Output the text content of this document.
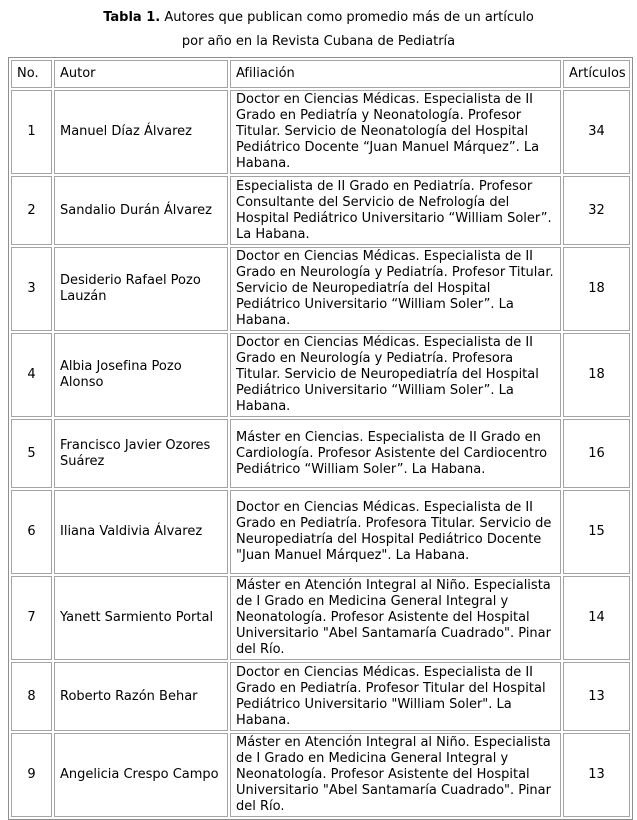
Tabla 1. Autores que publican como promedio más de un artículo
por año en la Revista Cubana de Pediatría
No.	Autor	Afiliación	Artículos
1	Manuel Díaz Álvarez	Doctor en Ciencias Médicas. Especialista de II Grado en Pediatría y Neonatología. Profesor Titular. Servicio de Neonatología del Hospital Pediátrico Docente “Juan Manuel Márquez”. La Habana.	34
2	Sandalio Durán Álvarez	Especialista de II Grado en Pediatría. Profesor Consultante del Servicio de Nefrología del Hospital Pediátrico Universitario “William Soler”. La Habana.	32
3	Desiderio Rafael Pozo Lauzán	Doctor en Ciencias Médicas. Especialista de II Grado en Neurología y Pediatría. Profesor Titular. Servicio de Neuropediatría del Hospital Pediátrico Universitario “William Soler”. La Habana.	18
4	Albia Josefina Pozo Alonso	Doctor en Ciencias Médicas. Especialista de II Grado en Neurología y Pediatría. Profesora Titular. Servicio de Neuropediatría del Hospital Pediátrico Universitario “William Soler”. La Habana.	18
5	Francisco Javier Ozores Suárez	Máster en Ciencias. Especialista de II Grado en Cardiología. Profesor Asistente del Cardiocentro Pediátrico “William Soler”. La Habana.	16
6	Iliana Valdivia Álvarez	Doctor en Ciencias Médicas. Especialista de II Grado en Pediatría. Profesora Titular. Servicio de Neuropediatría del Hospital Pediátrico Docente "Juan Manuel Márquez". La Habana.	15
7	Yanett Sarmiento Portal	Máster en Atención Integral al Niño. Especialista de I Grado en Medicina General Integral y Neonatología. Profesor Asistente del Hospital Universitario "Abel Santamaría Cuadrado". Pinar del Río.	14
8	Roberto Razón Behar	Doctor en Ciencias Médicas. Especialista de II Grado en Pediatría. Profesor Titular del Hospital Pediátrico Universitario "William Soler". La Habana.	13
9	Angelicia Crespo Campo	Máster en Atención Integral al Niño. Especialista de I Grado en Medicina General Integral y Neonatología. Profesor Asistente del Hospital Universitario "Abel Santamaría Cuadrado". Pinar del Río.	13
